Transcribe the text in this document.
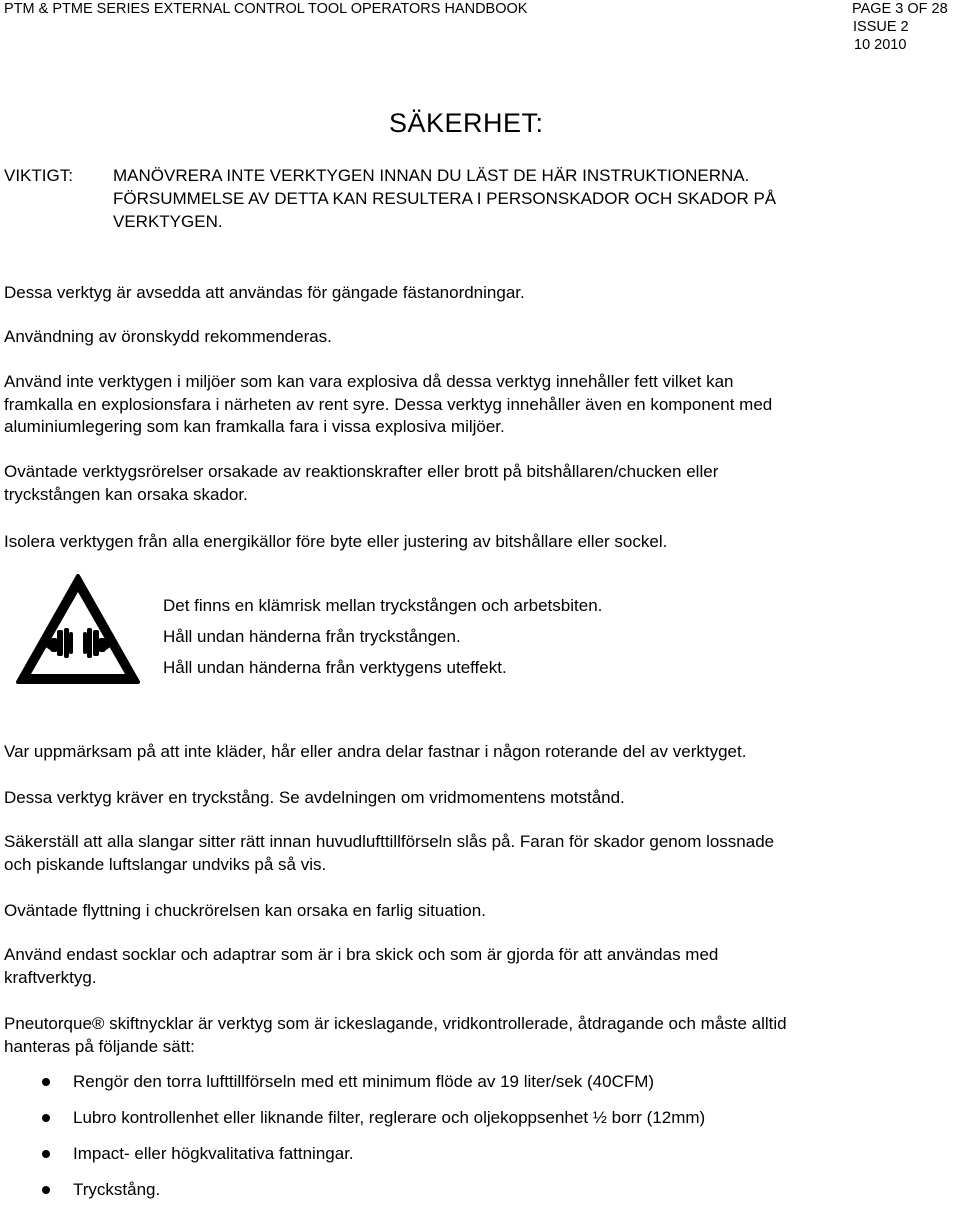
PTM & PTME SERIES EXTERNAL CONTROL TOOL OPERATORS HANDBOOK	PAGE 3 OF 28
ISSUE 2
10 2010
SÄKERHET:
VIKTIGT: MANÖVRERA INTE VERKTYGEN INNAN DU LÄST DE HÄR INSTRUKTIONERNA.
FÖRSUMMELSE AV DETTA KAN RESULTERA I PERSONSKADOR OCH SKADOR PÅ
VERKTYGEN.
Dessa verktyg är avsedda att användas för gängade fästanordningar.
Användning av öronskydd rekommenderas.
Använd inte verktygen i miljöer som kan vara explosiva då dessa verktyg innehåller fett vilket kan
framkalla en explosionsfara i närheten av rent syre. Dessa verktyg innehåller även en komponent med
aluminiumlegering som kan framkalla fara i vissa explosiva miljöer.
Oväntade verktygsrörelser orsakade av reaktionskrafter eller brott på bitshållaren/chucken eller
tryckstången kan orsaka skador.
Isolera verktygen från alla energikällor före byte eller justering av bitshållare eller sockel.
Det finns en klämrisk mellan tryckstången och arbetsbiten.
Håll undan händerna från tryckstången.
Håll undan händerna från verktygens uteffekt.
Var uppmärksam på att inte kläder, hår eller andra delar fastnar i någon roterande del av verktyget.
Dessa verktyg kräver en tryckstång. Se avdelningen om vridmomentens motstånd.
Säkerställ att alla slangar sitter rätt innan huvudlufttillförseln slås på. Faran för skador genom lossnade
och piskande luftslangar undviks på så vis.
Oväntade flyttning i chuckrörelsen kan orsaka en farlig situation.
Använd endast socklar och adaptrar som är i bra skick och som är gjorda för att användas med
kraftverktyg.
Pneutorque® skiftnycklar är verktyg som är ickeslagande, vridkontrollerade, åtdragande och måste alltid
hanteras på följande sätt:
Rengör den torra lufttillförseln med ett minimum flöde av 19 liter/sek (40CFM)
Lubro kontrollenhet eller liknande filter, reglerare och oljekoppsenhet ½ borr (12mm)
Impact- eller högkvalitativa fattningar.
Tryckstång.
